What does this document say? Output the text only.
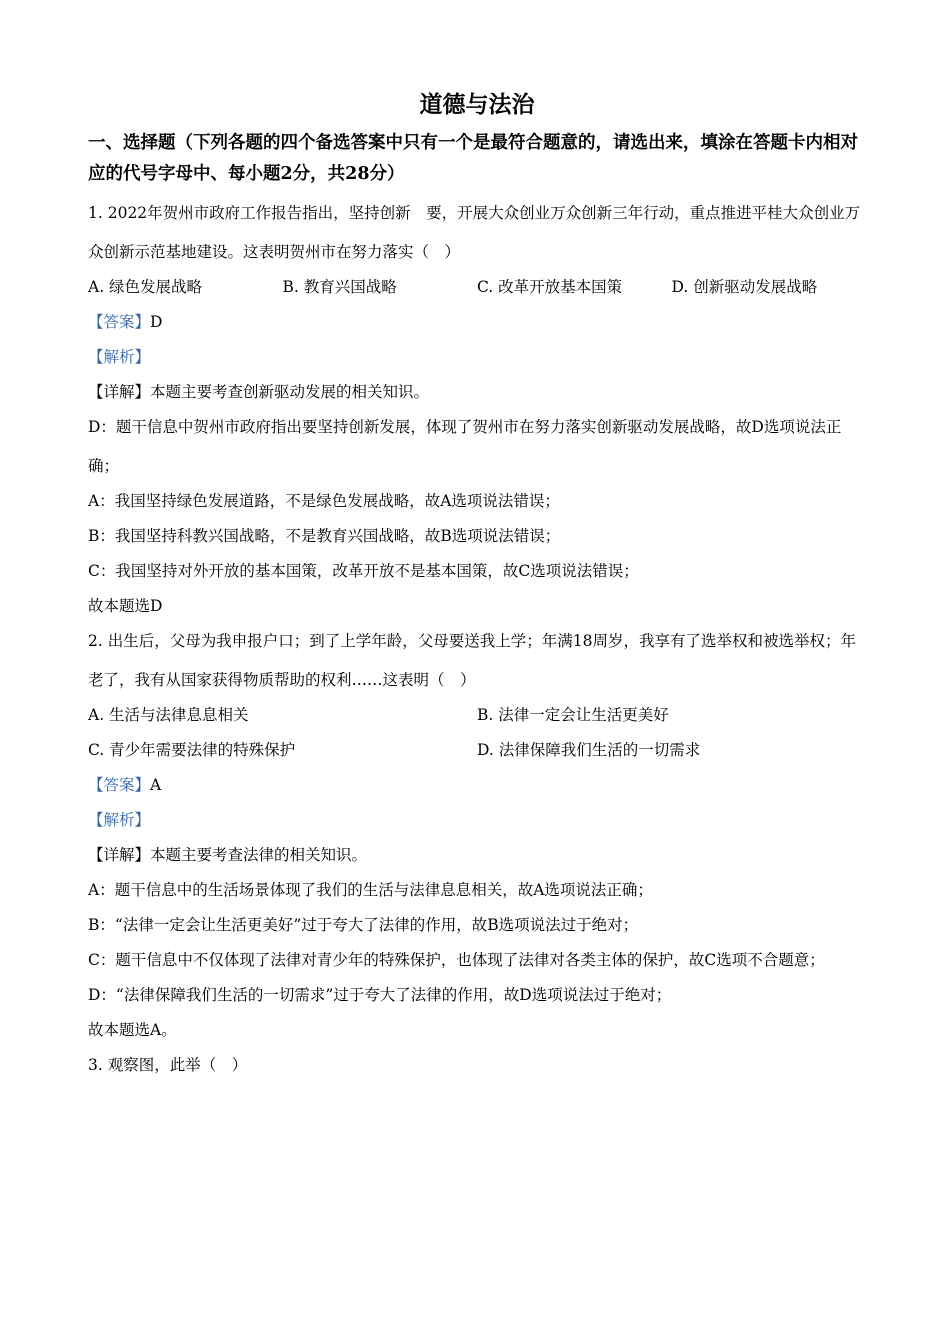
道德与法治
一、选择题（下列各题的四个备选答案中只有一个是最符合题意的，请选出来，填涂在答题卡内相对应的代号字母中、每小题2分，共28分）
1. 2022年贺州市政府工作报告指出，坚持创新　要，开展大众创业万众创新三年行动，重点推进平桂大众创业万众创新示范基地建设。这表明贺州市在努力落实（　）
A. 绿色发展战略	B. 教育兴国战略	C. 改革开放基本国策	D. 创新驱动发展战略
【答案】D
【解析】
【详解】本题主要考查创新驱动发展的相关知识。
D：题干信息中贺州市政府指出要坚持创新发展，体现了贺州市在努力落实创新驱动发展战略，故D选项说法正确；
A：我国坚持绿色发展道路，不是绿色发展战略，故A选项说法错误；
B：我国坚持科教兴国战略，不是教育兴国战略，故B选项说法错误；
C：我国坚持对外开放的基本国策，改革开放不是基本国策，故C选项说法错误；
故本题选D
2. 出生后，父母为我申报户口；到了上学年龄，父母要送我上学；年满18周岁，我享有了选举权和被选举权；年老了，我有从国家获得物质帮助的权利……这表明（　）
A. 生活与法律息息相关	B. 法律一定会让生活更美好
C. 青少年需要法律的特殊保护	D. 法律保障我们生活的一切需求
【答案】A
【解析】
【详解】本题主要考查法律的相关知识。
A：题干信息中的生活场景体现了我们的生活与法律息息相关，故A选项说法正确；
B：“法律一定会让生活更美好”过于夸大了法律的作用，故B选项说法过于绝对；
C：题干信息中不仅体现了法律对青少年的特殊保护，也体现了法律对各类主体的保护，故C选项不合题意；
D：“法律保障我们生活的一切需求”过于夸大了法律的作用，故D选项说法过于绝对；
故本题选A。
3. 观察图，此举（　）
